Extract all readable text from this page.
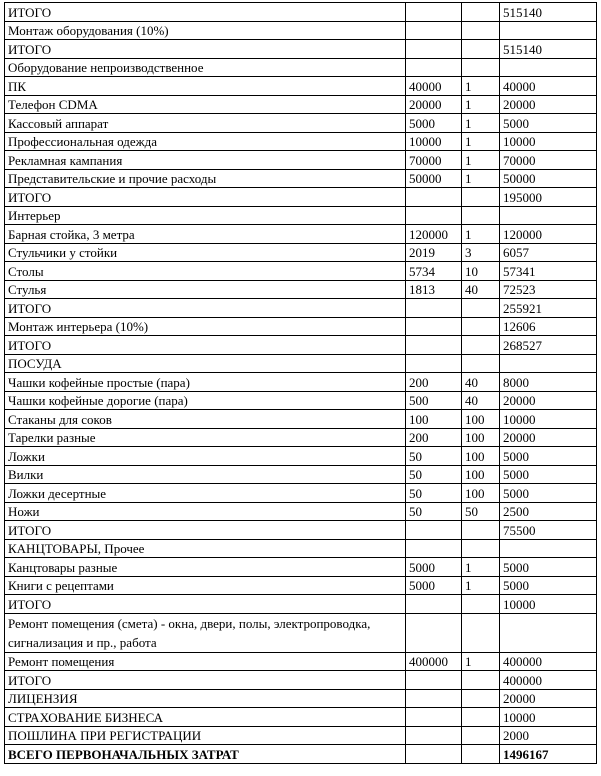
ИТОГО			515140
Монтаж оборудования (10%)			
ИТОГО			515140
Оборудование непроизводственное			
ПК	40000	1	40000
Телефон CDMA	20000	1	20000
Кассовый аппарат	5000	1	5000
Профессиональная одежда	10000	1	10000
Рекламная кампания	70000	1	70000
Представительские и прочие расходы	50000	1	50000
ИТОГО			195000
Интерьер			
Барная стойка, 3 метра	120000	1	120000
Стульчики у стойки	2019	3	6057
Столы	5734	10	57341
Стулья	1813	40	72523
ИТОГО			255921
Монтаж интерьера (10%)			12606
ИТОГО			268527
ПОСУДА			
Чашки кофейные простые (пара)	200	40	8000
Чашки кофейные дорогие (пара)	500	40	20000
Стаканы для соков	100	100	10000
Тарелки разные	200	100	20000
Ложки	50	100	5000
Вилки	50	100	5000
Ложки десертные	50	100	5000
Ножи	50	50	2500
ИТОГО			75500
КАНЦТОВАРЫ, Прочее			
Канцтовары разные	5000	1	5000
Книги с рецептами	5000	1	5000
ИТОГО			10000
Ремонт помещения (смета) - окна, двери, полы, электропроводка, сигнализация и пр., работа			
Ремонт помещения	400000	1	400000
ИТОГО			400000
ЛИЦЕНЗИЯ			20000
СТРАХОВАНИЕ БИЗНЕСА			10000
ПОШЛИНА ПРИ РЕГИСТРАЦИИ			2000
ВСЕГО ПЕРВОНАЧАЛЬНЫХ ЗАТРАТ			1496167
